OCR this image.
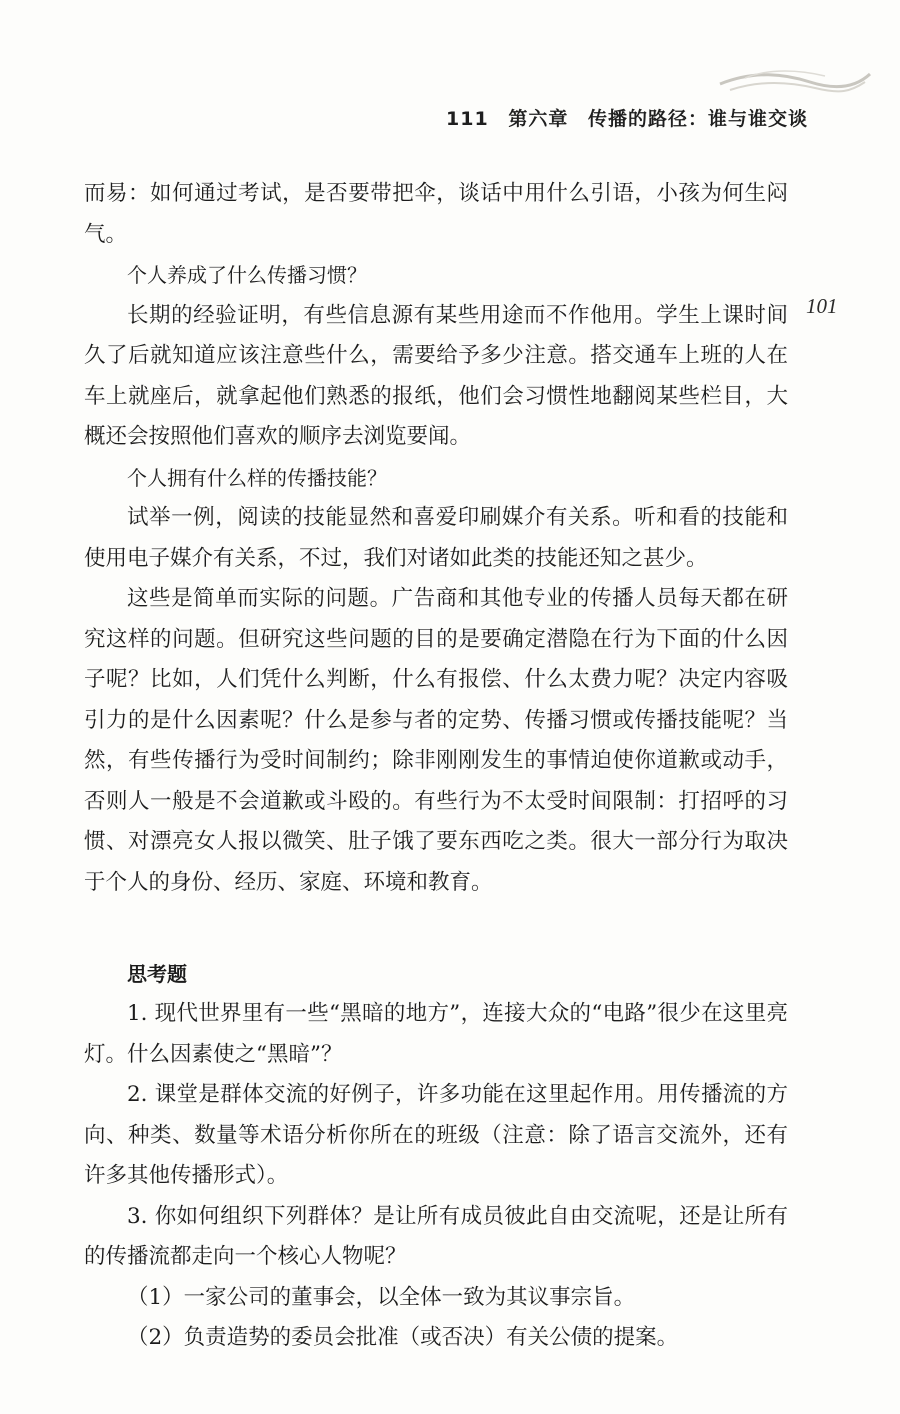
111 第六章 传播的路径：谁与谁交谈
101

而易：如何通过考试，是否要带把伞，谈话中用什么引语，小孩为何生闷气。

个人养成了什么传播习惯？

长期的经验证明，有些信息源有某些用途而不作他用。学生上课时间久了后就知道应该注意些什么，需要给予多少注意。搭交通车上班的人在车上就座后，就拿起他们熟悉的报纸，他们会习惯性地翻阅某些栏目，大概还会按照他们喜欢的顺序去浏览要闻。

个人拥有什么样的传播技能？

试举一例，阅读的技能显然和喜爱印刷媒介有关系。听和看的技能和使用电子媒介有关系，不过，我们对诸如此类的技能还知之甚少。

这些是简单而实际的问题。广告商和其他专业的传播人员每天都在研究这样的问题。但研究这些问题的目的是要确定潜隐在行为下面的什么因子呢？比如，人们凭什么判断，什么有报偿、什么太费力呢？决定内容吸引力的是什么因素呢？什么是参与者的定势、传播习惯或传播技能呢？当然，有些传播行为受时间制约；除非刚刚发生的事情迫使你道歉或动手，否则人一般是不会道歉或斗殴的。有些行为不太受时间限制：打招呼的习惯、对漂亮女人报以微笑、肚子饿了要东西吃之类。很大一部分行为取决于个人的身份、经历、家庭、环境和教育。

思考题

1. 现代世界里有一些“黑暗的地方”，连接大众的“电路”很少在这里亮灯。什么因素使之“黑暗”？

2. 课堂是群体交流的好例子，许多功能在这里起作用。用传播流的方向、种类、数量等术语分析你所在的班级（注意：除了语言交流外，还有许多其他传播形式）。

3. 你如何组织下列群体？是让所有成员彼此自由交流呢，还是让所有的传播流都走向一个核心人物呢？

（1）一家公司的董事会，以全体一致为其议事宗旨。

（2）负责造势的委员会批准（或否决）有关公债的提案。
